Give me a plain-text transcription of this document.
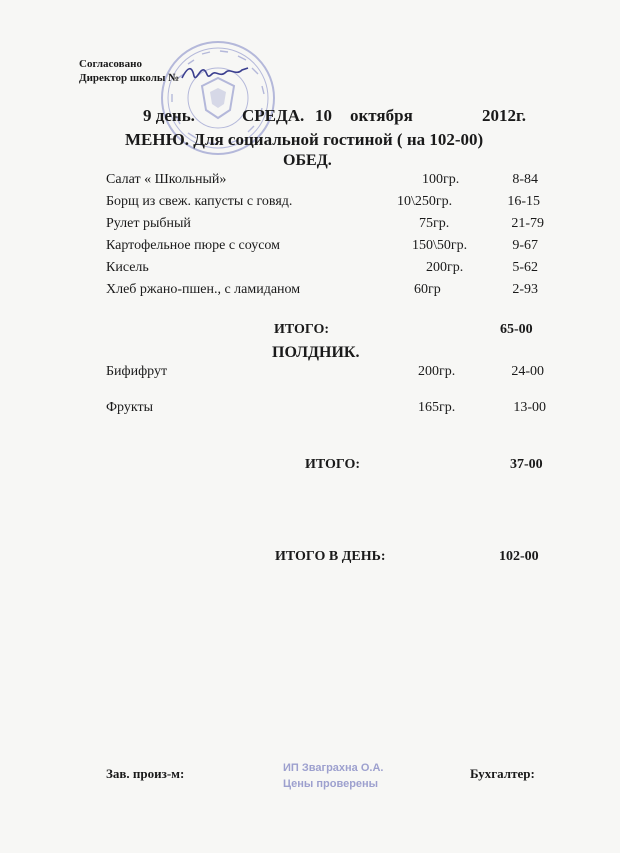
Согласовано
Директор школы №
9 день.	СРЕДА. 10 октября	2012г.
МЕНЮ. Для социальной гостиной ( на 102-00)
ОБЕД.
Салат « Школьный»	100гр.	8-84
Борщ из свеж. капусты с говяд.	10\250гр.	16-15
Рулет рыбный	75гр.	21-79
Картофельное пюре с соусом	150\50гр.	9-67
Кисель	200гр.	5-62
Хлеб ржано-пшен., с ламиданом	60гр	2-93
ИТОГО:	65-00
ПОЛДНИК.
Бифифрут	200гр.	24-00
Фрукты	165гр.	13-00
ИТОГО:	37-00
ИТОГО В ДЕНЬ:	102-00
Зав. произ-м:	ИП Зваграхна О.А.
Цены проверены
Бухгалтер:
